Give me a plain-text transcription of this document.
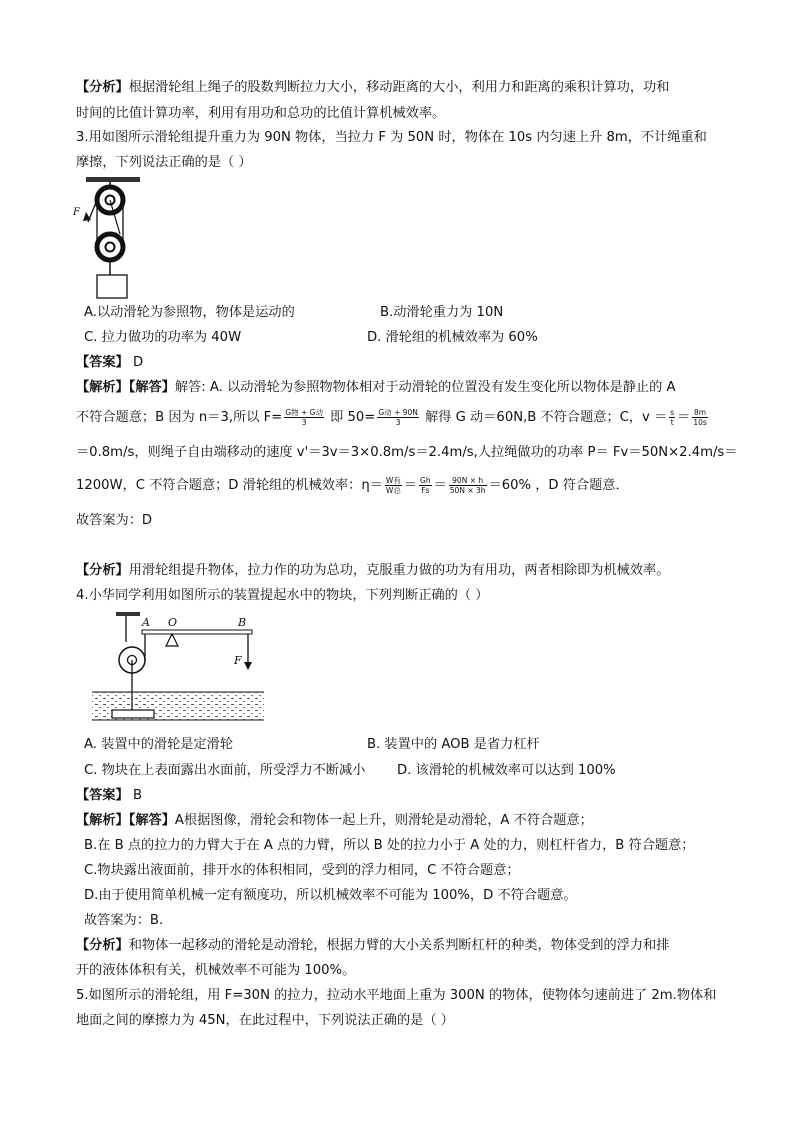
【分析】根据滑轮组上绳子的股数判断拉力大小，移动距离的大小，利用力和距离的乘积计算功，功和
时间的比值计算功率，利用有用功和总功的比值计算机械效率。
3.用如图所示滑轮组提升重力为 90N 物体，当拉力 F 为 50N 时，物体在 10s 内匀速上升 8m，不计绳重和
摩擦，下列说法正确的是（ ）
F
A.以动滑轮为参照物，物体是运动的	B.动滑轮重力为 10N
C. 拉力做功的功率为 40W	D. 滑轮组的机械效率为 60%
【答案】 D
【解析】【解答】解答: A. 以动滑轮为参照物物体相对于动滑轮的位置没有发生变化所以物体是静止的 A
不符合题意；B 因为 n＝3,所以 $F= \frac{\text{G物 + G动}}{3}$ 即 $50= \frac{\text{G动 + 90N}}{3}$ 解得 G 动＝60N,B 不符合题意；C，$v = \frac{s}{t} = \frac{8m}{10s}$
＝0.8m/s，则绳子自由端移动的速度 v'＝3v＝3×0.8m/s＝2.4m/s,人拉绳做功的功率 P＝ Fv＝50N×2.4m/s＝
1200W，C 不符合题意；D 滑轮组的机械效率：$\eta= \frac{\text{W有}}{\text{W总}} = \frac{Gh}{Fs} = \frac{90N \times h}{50N \times 3h} =60\%$ ，D 符合题意．
故答案为：D
【分析】用滑轮组提升物体，拉力作的功为总功，克服重力做的功为有用功，两者相除即为机械效率。
4.小华同学利用如图所示的装置提起水中的物块，下列判断正确的（ ）
A O	B
F
A. 装置中的滑轮是定滑轮	B. 装置中的 AOB 是省力杠杆
C. 物块在上表面露出水面前，所受浮力不断减小 D. 该滑轮的机械效率可以达到 100%
【答案】 B
【解析】【解答】A根据图像，滑轮会和物体一起上升，则滑轮是动滑轮，A 不符合题意；
B.在 B 点的拉力的力臂大于在 A 点的力臂，所以 B 处的拉力小于 A 处的力，则杠杆省力，B 符合题意；
C.物块露出液面前，排开水的体积相同，受到的浮力相同，C 不符合题意；
D.由于使用简单机械一定有额度功，所以机械效率不可能为 100%，D 不符合题意。
故答案为：B.
【分析】和物体一起移动的滑轮是动滑轮，根据力臂的大小关系判断杠杆的种类，物体受到的浮力和排
开的液体体积有关，机械效率不可能为 100%。
5.如图所示的滑轮组，用 F=30N 的拉力，拉动水平地面上重为 300N 的物体，使物体匀速前进了 2m.物体和
地面之间的摩擦力为 45N，在此过程中，下列说法正确的是（ ）
